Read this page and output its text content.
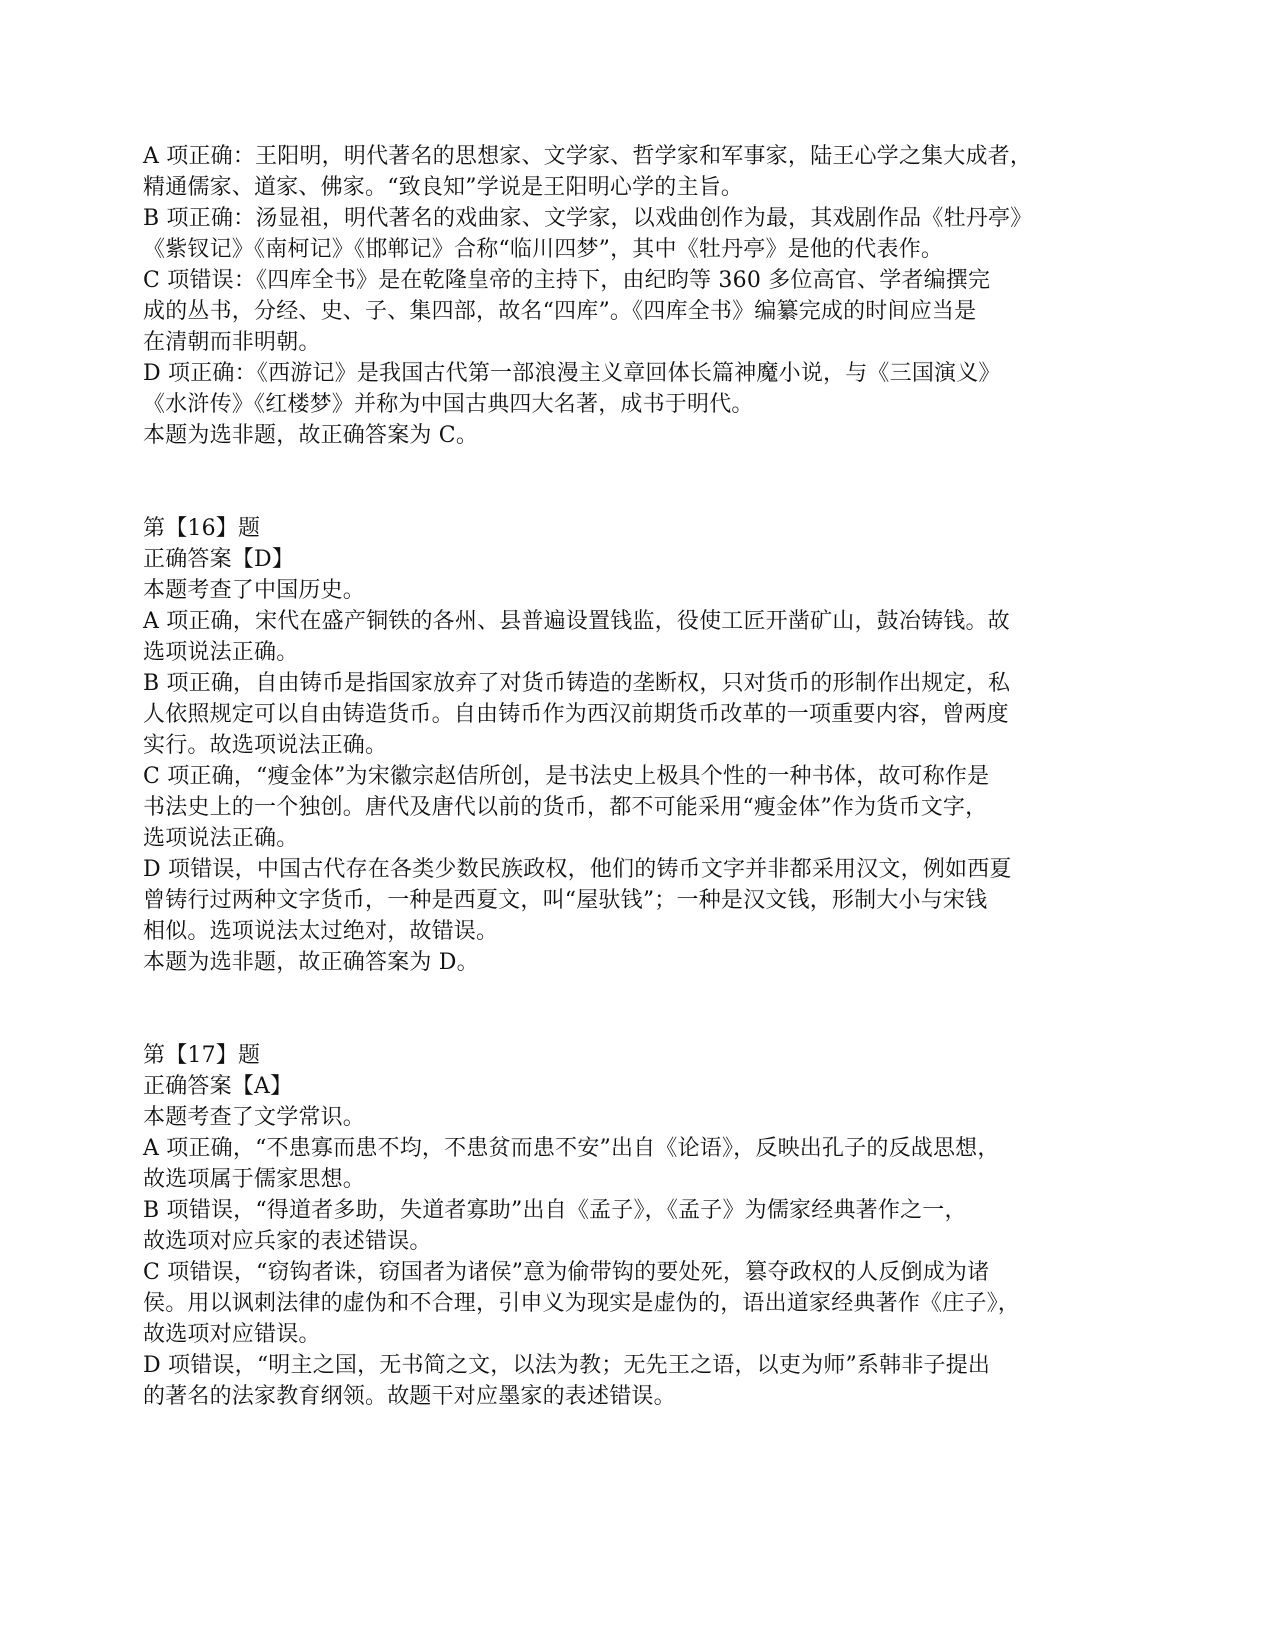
A 项正确：王阳明，明代著名的思想家、文学家、哲学家和军事家，陆王心学之集大成者，
精通儒家、道家、佛家。“致良知”学说是王阳明心学的主旨。
B 项正确：汤显祖，明代著名的戏曲家、文学家，以戏曲创作为最，其戏剧作品《牡丹亭》
《紫钗记》《南柯记》《邯郸记》合称“临川四梦”，其中《牡丹亭》是他的代表作。
C 项错误：《四库全书》是在乾隆皇帝的主持下，由纪昀等 360 多位高官、学者编撰完
成的丛书，分经、史、子、集四部，故名“四库”。《四库全书》编纂完成的时间应当是
在清朝而非明朝。
D 项正确：《西游记》是我国古代第一部浪漫主义章回体长篇神魔小说，与《三国演义》
《水浒传》《红楼梦》并称为中国古典四大名著，成书于明代。
本题为选非题，故正确答案为 C。
第【16】题
正确答案【D】
本题考查了中国历史。
A 项正确，宋代在盛产铜铁的各州、县普遍设置钱监，役使工匠开凿矿山，鼓冶铸钱。故
选项说法正确。
B 项正确，自由铸币是指国家放弃了对货币铸造的垄断权，只对货币的形制作出规定，私
人依照规定可以自由铸造货币。自由铸币作为西汉前期货币改革的一项重要内容，曾两度
实行。故选项说法正确。
C 项正确，“瘦金体”为宋徽宗赵佶所创，是书法史上极具个性的一种书体，故可称作是
书法史上的一个独创。唐代及唐代以前的货币，都不可能采用“瘦金体”作为货币文字，
选项说法正确。
D 项错误，中国古代存在各类少数民族政权，他们的铸币文字并非都采用汉文，例如西夏
曾铸行过两种文字货币，一种是西夏文，叫“屋驮钱”；一种是汉文钱，形制大小与宋钱
相似。选项说法太过绝对，故错误。
本题为选非题，故正确答案为 D。
第【17】题
正确答案【A】
本题考查了文学常识。
A 项正确，“不患寡而患不均，不患贫而患不安”出自《论语》，反映出孔子的反战思想，
故选项属于儒家思想。
B 项错误，“得道者多助，失道者寡助”出自《孟子》，《孟子》为儒家经典著作之一，
故选项对应兵家的表述错误。
C 项错误，“窃钩者诛，窃国者为诸侯”意为偷带钩的要处死，篡夺政权的人反倒成为诸
侯。用以讽刺法律的虚伪和不合理，引申义为现实是虚伪的，语出道家经典著作《庄子》，
故选项对应错误。
D 项错误，“明主之国，无书简之文，以法为教；无先王之语，以吏为师”系韩非子提出
的著名的法家教育纲领。故题干对应墨家的表述错误。
